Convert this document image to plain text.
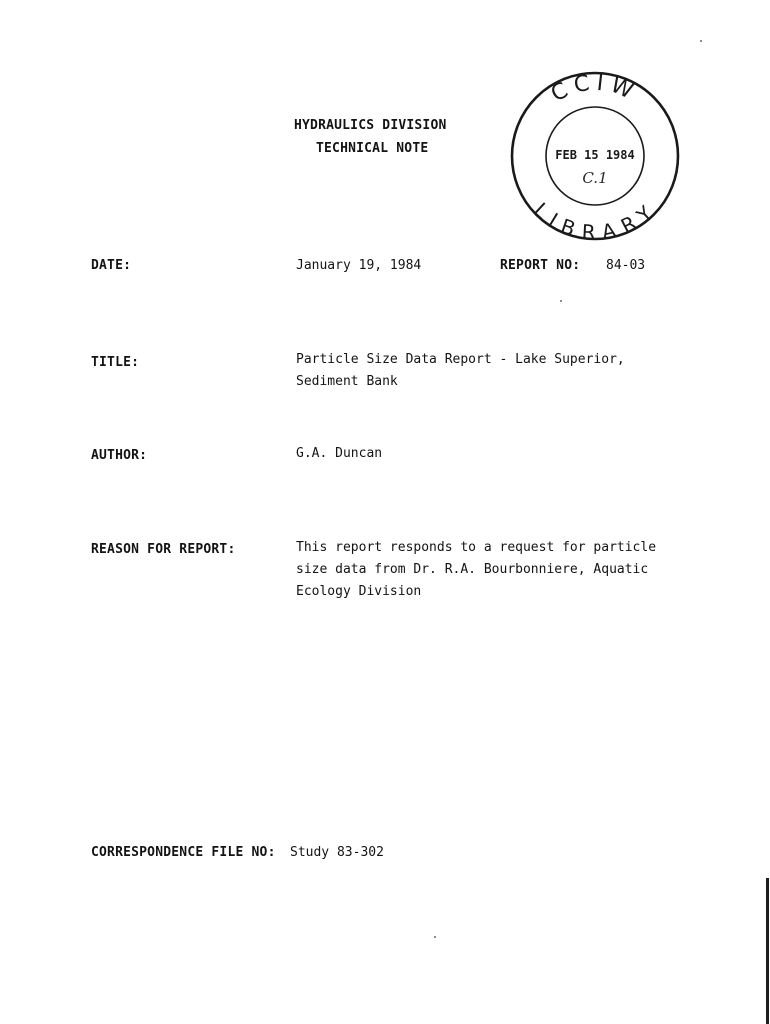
HYDRAULICS DIVISION
TECHNICAL NOTE
CCIW
LIBRARY
FEB 15 1984
C.1
DATE:	January 19, 1984	REPORT NO: 84-03
TITLE:	Particle Size Data Report - Lake Superior,
Sediment Bank
AUTHOR:	G.A. Duncan
REASON FOR REPORT:	This report responds to a request for particle
size data from Dr. R.A. Bourbonniere, Aquatic
Ecology Division
CORRESPONDENCE FILE NO: Study 83-302
